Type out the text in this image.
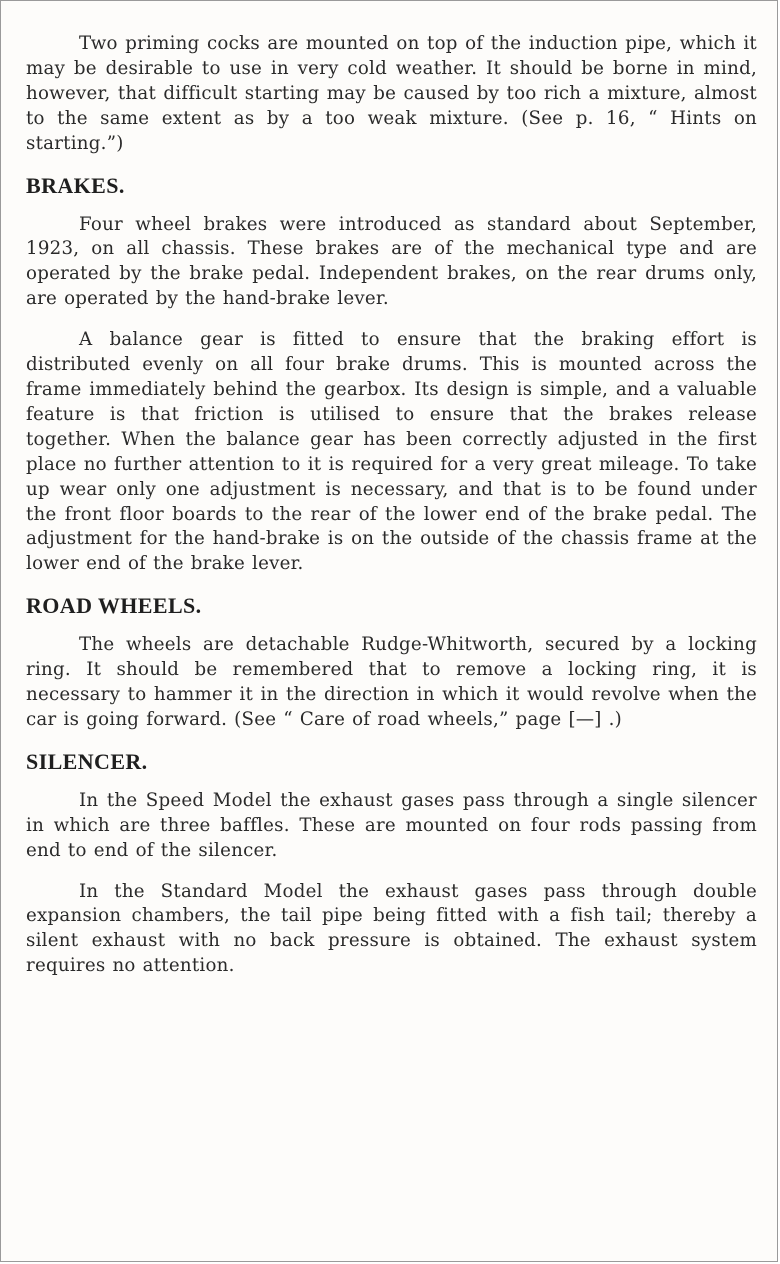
Two priming cocks are mounted on top of the induction pipe, which it may be desirable to use in very cold weather. It should be borne in mind, however, that difficult starting may be caused by too rich a mixture, almost to the same extent as by a too weak mixture. (See p. 16, “ Hints on starting.”)

BRAKES.

Four wheel brakes were introduced as standard about September, 1923, on all chassis. These brakes are of the mechanical type and are operated by the brake pedal. Independent brakes, on the rear drums only, are operated by the hand-brake lever.

A balance gear is fitted to ensure that the braking effort is distributed evenly on all four brake drums. This is mounted across the frame immediately behind the gearbox. Its design is simple, and a valuable feature is that friction is utilised to ensure that the brakes release together. When the balance gear has been correctly adjusted in the first place no further attention to it is required for a very great mileage. To take up wear only one adjustment is necessary, and that is to be found under the front floor boards to the rear of the lower end of the brake pedal. The adjustment for the hand-brake is on the outside of the chassis frame at the lower end of the brake lever.

ROAD WHEELS.

The wheels are detachable Rudge-Whitworth, secured by a locking ring. It should be remembered that to remove a locking ring, it is necessary to hammer it in the direction in which it would revolve when the car is going forward. (See “ Care of road wheels,” page [—] .)

SILENCER.

In the Speed Model the exhaust gases pass through a single silencer in which are three baffles. These are mounted on four rods passing from end to end of the silencer.

In the Standard Model the exhaust gases pass through double expansion chambers, the tail pipe being fitted with a fish tail; thereby a silent exhaust with no back pressure is obtained. The exhaust system requires no attention.
